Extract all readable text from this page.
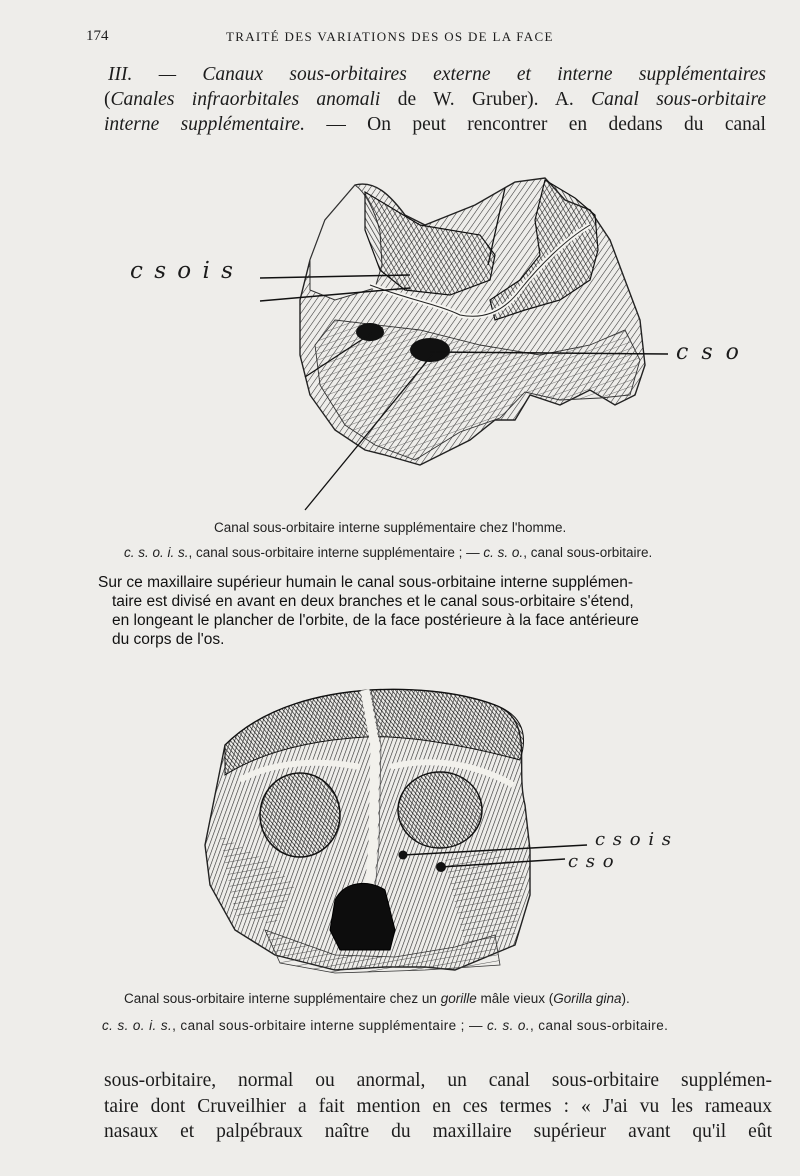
174	TRAITÉ DES VARIATIONS DES OS DE LA FACE

III. — Canaux sous-orbitaires externe et interne supplémentaires

(Canales infraorbitales anomali de W. Gruber). A. Canal sous-orbitaire

interne supplémentaire. — On peut rencontrer en dedans du canal

c s o i s
c s o
Canal sous-orbitaire interne supplémentaire chez l'homme.
c. s. o. i. s., canal sous-orbitaire interne supplémentaire ; — c. s. o., canal sous-orbitaire.
Sur ce maxillaire supérieur humain le canal sous-orbitaine interne supplémen-
taire est divisé en avant en deux branches et le canal sous-orbitaire s'étend,
en longeant le plancher de l'orbite, de la face postérieure à la face antérieure
du corps de l'os.
c s o i s
c s o
Canal sous-orbitaire interne supplémentaire chez un gorille mâle vieux (Gorilla gina).
c. s. o. i. s., canal sous-orbitaire interne supplémentaire ; — c. s. o., canal sous-orbitaire.
sous-orbitaire, normal ou anormal, un canal sous-orbitaire supplémen-
taire dont Cruveilhier a fait mention en ces termes : « J'ai vu les rameaux
nasaux et palpébraux naître du maxillaire supérieur avant qu'il eût
